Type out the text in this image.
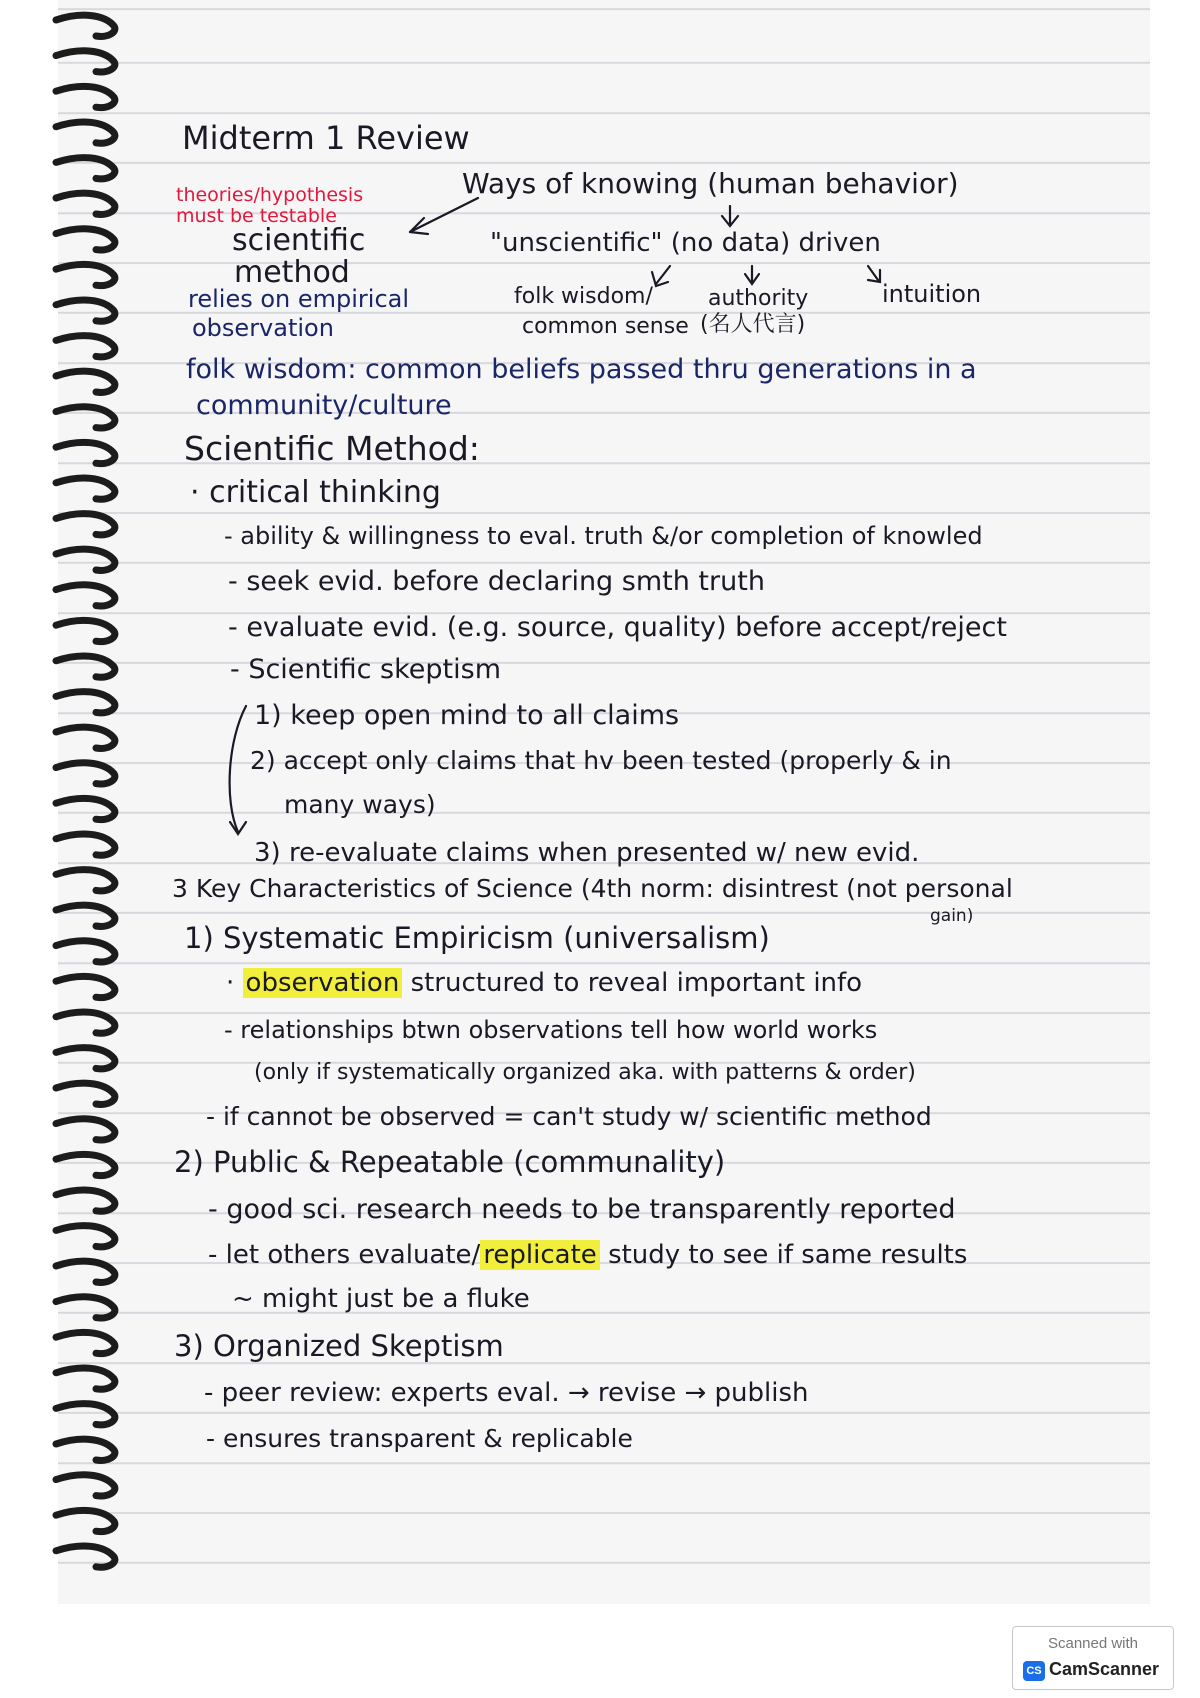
Midterm 1 Review
Ways of knowing (human behavior)
theories/hypothesis
must be testable
scientific
method
relies on empirical
observation
"unscientific" (no data) driven
folk wisdom/
common sense
authority
(名人代言)
intuition
folk wisdom: common beliefs passed thru generations in a
community/culture
Scientific Method:
· critical thinking
- ability & willingness to eval. truth &/or completion of knowled
- seek evid. before declaring smth truth
- evaluate evid. (e.g. source, quality) before accept/reject
- Scientific skeptism
1) keep open mind to all claims
2) accept only claims that hv been tested (properly & in
many ways)
3) re-evaluate claims when presented w/ new evid.
3 Key Characteristics of Science (4th norm: disintrest (not personal
gain)
1) Systematic Empiricism (universalism)
· observation structured to reveal important info
- relationships btwn observations tell how world works
(only if systematically organized aka. with patterns & order)
- if cannot be observed = can't study w/ scientific method
2) Public & Repeatable (communality)
- good sci. research needs to be transparently reported
- let others evaluate/ replicate study to see if same results
~ might just be a fluke
3) Organized Skeptism
- peer review: experts eval. → revise → publish
- ensures transparent & replicable
Scanned with
CS CamScanner
